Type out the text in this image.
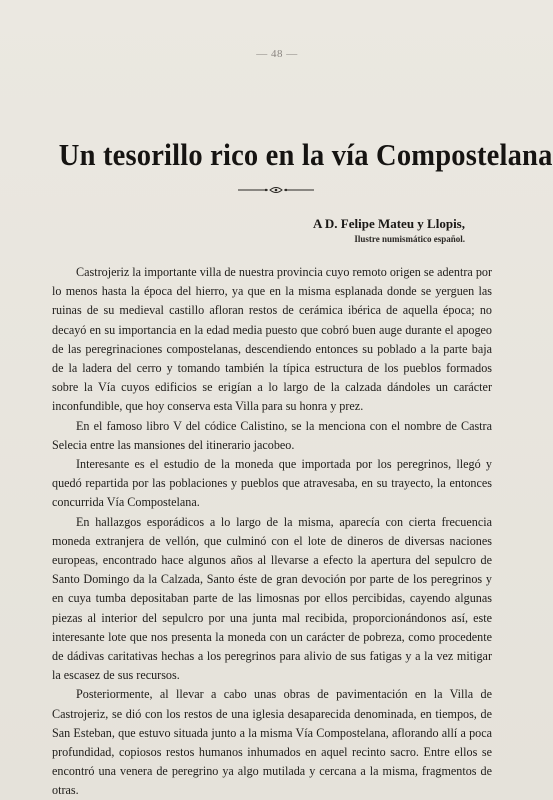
— 48 —
Un tesorillo rico en la vía Compostelana
A D. Felipe Mateu y Llopis,
Ilustre numismático español.

Castrojeriz la importante villa de nuestra provincia cuyo remoto origen se adentra por lo menos hasta la época del hierro, ya que en la misma esplanada donde se yerguen las ruinas de su medieval castillo afloran restos de cerámica ibérica de aquella época; no decayó en su importancia en la edad media puesto que cobró buen auge durante el apogeo de las peregrinaciones compostelanas, descendiendo entonces su poblado a la parte baja de la ladera del cerro y tomando también la típica estructura de los pueblos formados sobre la Vía cuyos edificios se erigían a lo largo de la calzada dándoles un carácter inconfundible, que hoy conserva esta Villa para su honra y prez.

En el famoso libro V del códice Calistino, se la menciona con el nombre de Castra Selecia entre las mansiones del itinerario jacobeo.

Interesante es el estudio de la moneda que importada por los peregrinos, llegó y quedó repartida por las poblaciones y pueblos que atravesaba, en su trayecto, la entonces concurrida Vía Compostelana.

En hallazgos esporádicos a lo largo de la misma, aparecía con cierta frecuencia moneda extranjera de vellón, que culminó con el lote de dineros de diversas naciones europeas, encontrado hace algunos años al llevarse a efecto la apertura del sepulcro de Santo Domingo da la Calzada, Santo éste de gran devoción por parte de los peregrinos y en cuya tumba depositaban parte de las limosnas por ellos percibidas, cayendo algunas piezas al interior del sepulcro por una junta mal recibida, proporcionándonos así, este interesante lote que nos presenta la moneda con un carácter de pobreza, como procedente de dádivas caritativas hechas a los peregrinos para alivio de sus fatigas y a la vez mitigar la escasez de sus recursos.

Posteriormente, al llevar a cabo unas obras de pavimentación en la Villa de Castrojeriz, se dió con los restos de una iglesia desaparecida denominada, en tiempos, de San Esteban, que estuvo situada junto a la misma Vía Compostelana, aflorando allí a poca profundidad, copiosos restos humanos inhumados en aquel recinto sacro. Entre ellos se encontró una venera de peregrino ya algo mutilada y cercana a la misma, fragmentos de otras.
